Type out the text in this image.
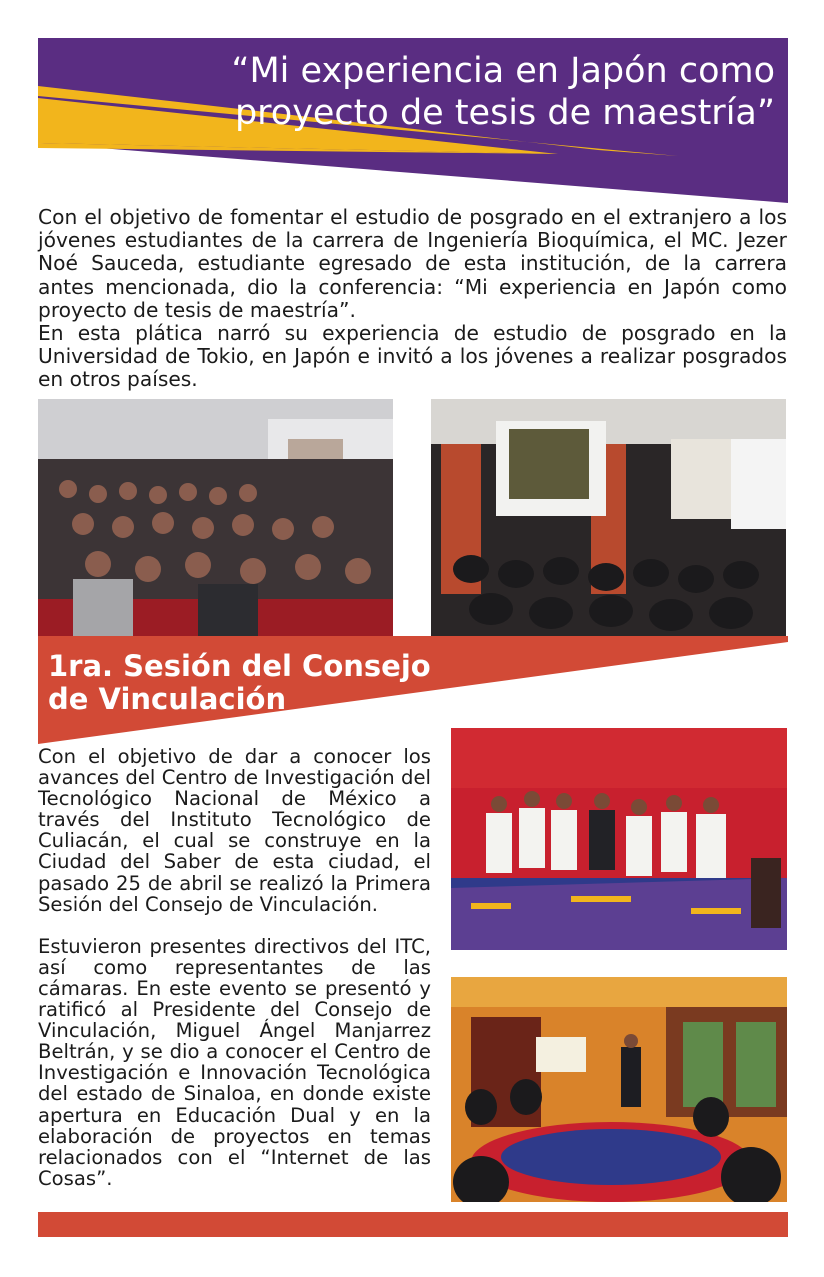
“Mi experiencia en Japón como
proyecto de tesis de maestría”

Con el objetivo de fomentar el estudio de posgrado en el extranjero a los jóvenes estudiantes de la carrera de Ingeniería Bioquímica, el MC. Jezer Noé Sauceda, estudiante egresado de esta institución, de la carrera antes mencionada, dio la conferencia: “Mi experiencia en Japón como proyecto de tesis de maestría”.

En esta plática narró su experiencia de estudio de posgrado en la Universidad de Tokio, en Japón e invitó a los jóvenes a realizar posgrados en otros países.

1ra. Sesión del Consejo
de Vinculación

Con el objetivo de dar a conocer los avances del Centro de Investigación del Tecnológico Nacional de México a través del Instituto Tecnológico de Culiacán, el cual se construye en la Ciudad del Saber de esta ciudad, el pasado 25 de abril se realizó la Primera Sesión del Consejo de Vinculación.

Estuvieron presentes directivos del ITC, así como representantes de las cámaras. En este evento se presentó y ratificó al Presidente del Consejo de Vinculación, Miguel Ángel Manjarrez Beltrán, y se dio a conocer el Centro de Investigación e Innovación Tecnológica del estado de Sinaloa, en donde existe apertura en Educación Dual y en la elaboración de proyectos en temas relacionados con el “Internet de las Cosas”.
